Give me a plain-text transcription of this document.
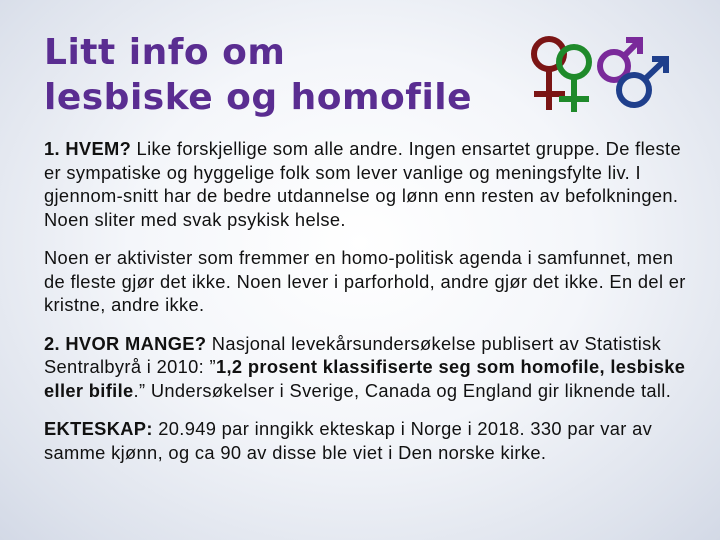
Litt info om
lesbiske og homofile

1. HVEM? Like forskjellige som alle andre. Ingen ensartet gruppe. De fleste er sympatiske og hyggelige folk som lever vanlige og meningsfylte liv. I gjennom-snitt har de bedre utdannelse og lønn enn resten av befolkningen. Noen sliter med svak psykisk helse.

Noen er aktivister som fremmer en homo-politisk agenda i samfunnet, men de fleste gjør det ikke. Noen lever i parforhold, andre gjør det ikke. En del er kristne, andre ikke.

2. HVOR MANGE? Nasjonal levekårsundersøkelse publisert av Statistisk Sentralbyrå i 2010: ”1,2 prosent klassifiserte seg som homofile, lesbiske eller bifile.” Undersøkelser i Sverige, Canada og England gir liknende tall.

EKTESKAP: 20.949 par inngikk ekteskap i Norge i 2018. 330 par var av samme kjønn, og ca 90 av disse ble viet i Den norske kirke.
